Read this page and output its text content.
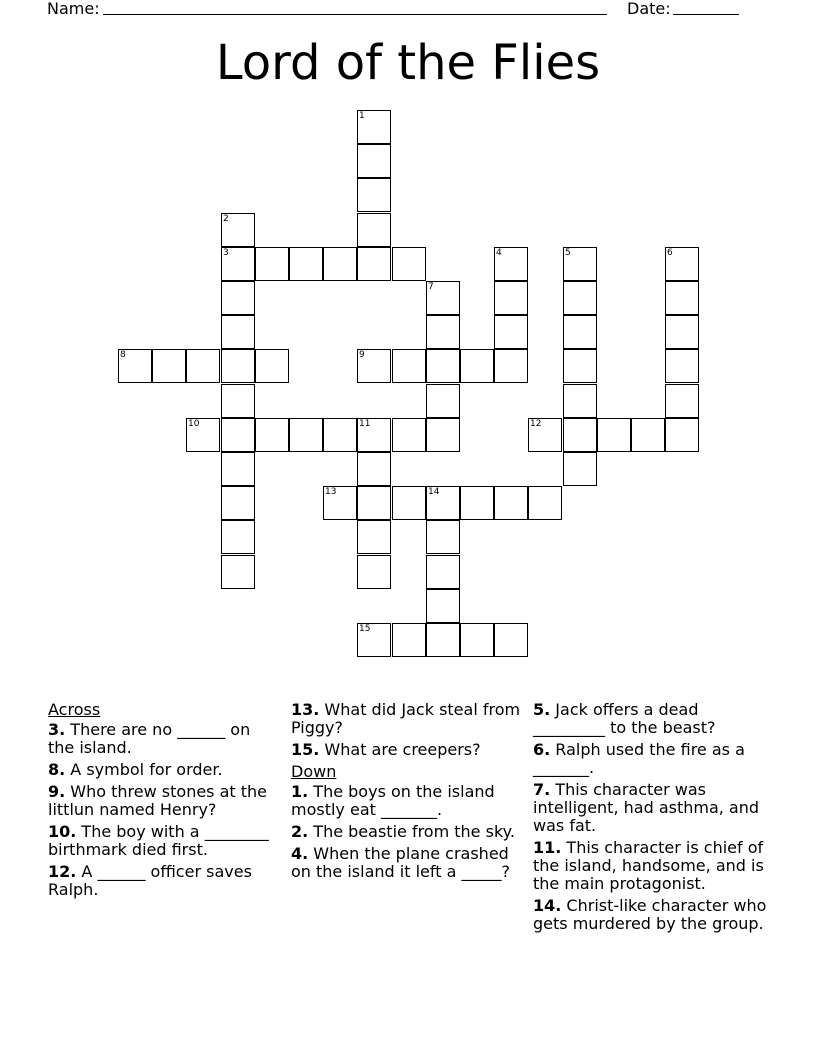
Name:	Date:
Lord of the Flies
1
2
3	4	5	6
7
8	9
10	11	12
13	14
15
Across
3. There are no ______ on the island.
8. A symbol for order.
9. Who threw stones at the littlun named Henry?
10. The boy with a ________ birthmark died first.
12. A ______ officer saves Ralph.
13. What did Jack steal from Piggy?
15. What are creepers?
Down
1. The boys on the island mostly eat _______.
2. The beastie from the sky.
4. When the plane crashed on the island it left a _____?
5. Jack offers a dead _________ to the beast?
6. Ralph used the fire as a _______.
7. This character was intelligent, had asthma, and was fat.
11. This character is chief of the island, handsome, and is the main protagonist.
14. Christ-like character who gets murdered by the group.
